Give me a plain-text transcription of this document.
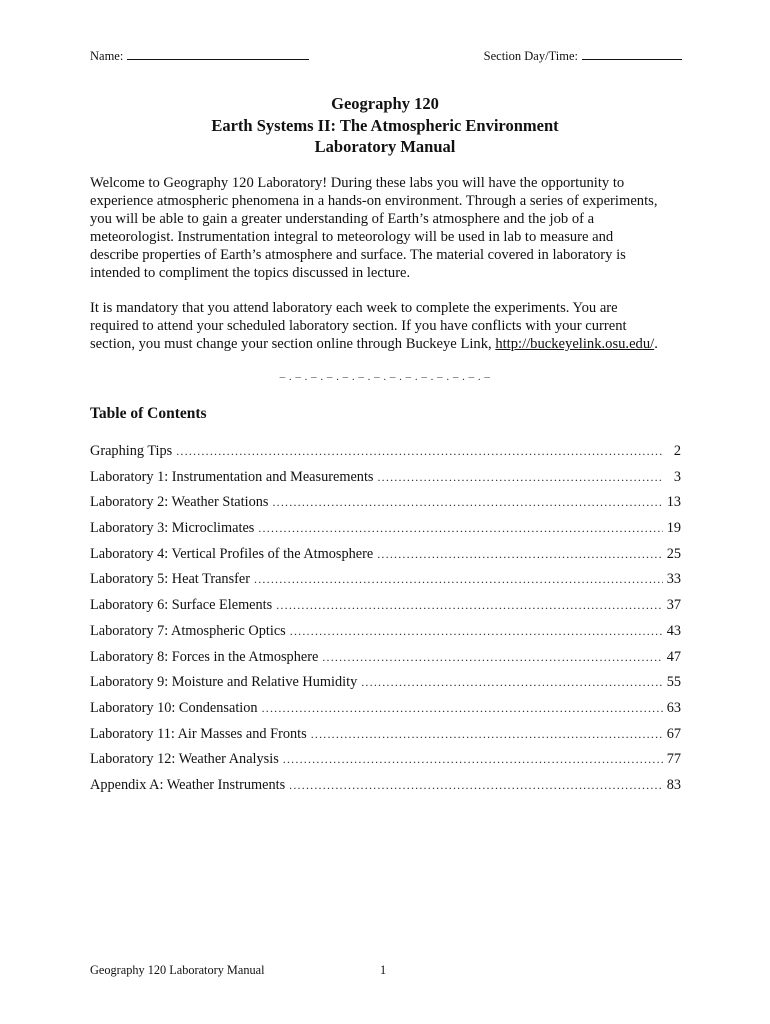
Name:	Section Day/Time:
Geography 120
Earth Systems II: The Atmospheric Environment
Laboratory Manual

Welcome to Geography 120 Laboratory! During these labs you will have the opportunity to
experience atmospheric phenomena in a hands-on environment. Through a series of experiments,
you will be able to gain a greater understanding of Earth’s atmosphere and the job of a
meteorologist. Instrumentation integral to meteorology will be used in lab to measure and
describe properties of Earth’s atmosphere and surface. The material covered in laboratory is
intended to compliment the topics discussed in lecture.

It is mandatory that you attend laboratory each week to complete the experiments. You are
required to attend your scheduled laboratory section. If you have conflicts with your current
section, you must change your section online through Buckeye Link, http://buckeyelink.osu.edu/.

– . – . – . – . – . – . – . – . – . – . – . – . – . –
Table of Contents
Graphing Tips .....	2
Laboratory 1: Instrumentation and Measurements .....	3
Laboratory 2: Weather Stations .....	13
Laboratory 3: Microclimates .....	19
Laboratory 4: Vertical Profiles of the Atmosphere .....	25
Laboratory 5: Heat Transfer .....	33
Laboratory 6: Surface Elements .....	37
Laboratory 7: Atmospheric Optics .....	43
Laboratory 8: Forces in the Atmosphere .....	47
Laboratory 9: Moisture and Relative Humidity .....	55
Laboratory 10: Condensation .....	63
Laboratory 11: Air Masses and Fronts .....	67
Laboratory 12: Weather Analysis .....	77
Appendix A: Weather Instruments .....	83
Geography 120 Laboratory Manual	1
